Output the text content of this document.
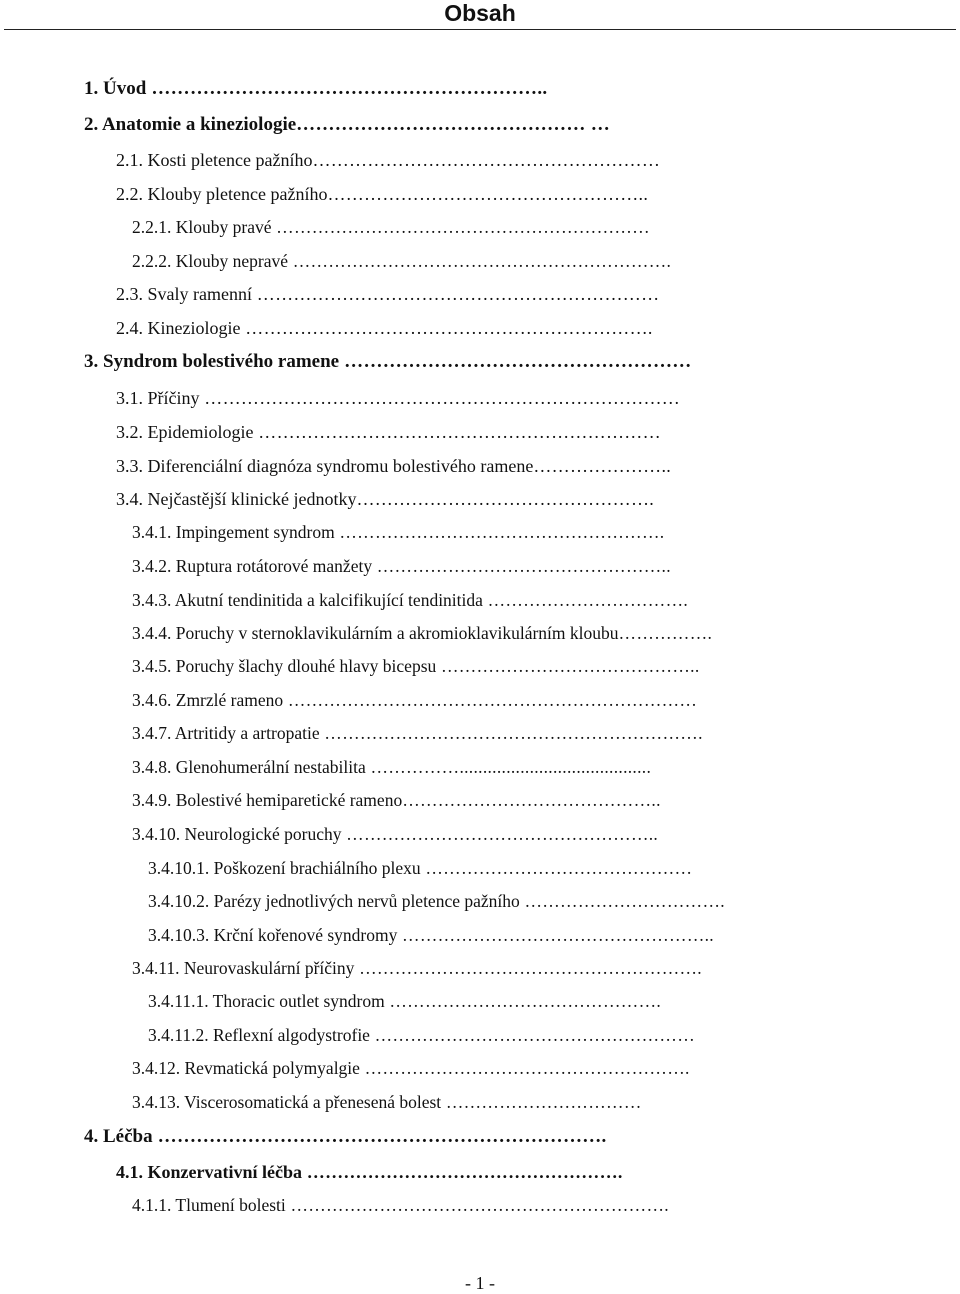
Obsah
1. Úvod ……………………………………………………..
2. Anatomie a kineziologie……………………………………… …
2.1. Kosti pletence pažního…………………………………………………
2.2. Klouby pletence pažního……………………………………………..
2.2.1. Klouby pravé ………………………………………………………
2.2.2. Klouby nepravé ……………………………………………………….
2.3. Svaly ramenní …………………………………………………………
2.4. Kineziologie ………………………………………………………….
3. Syndrom bolestivého ramene ………………………………………………
3.1. Příčiny ……………………………………………………………………
3.2. Epidemiologie …………………………………………………………
3.3. Diferenciální diagnóza syndromu bolestivého ramene…………………..
3.4. Nejčastější klinické jednotky………………………………………….
3.4.1. Impingement syndrom ……………………………………………….
3.4.2. Ruptura rotátorové manžety …………………………………………..
3.4.3. Akutní tendinitida a kalcifikující tendinitida …………………………….
3.4.4. Poruchy v sternoklavikulárním a akromioklavikulárním kloubu…………….
3.4.5. Poruchy šlachy dlouhé hlavy bicepsu ……………………………………..
3.4.6. Zmrzlé rameno ……………………………………………………………
3.4.7. Artritidy a artropatie ……………………………………………………….
3.4.8. Glenohumerální nestabilita …………….........................................
3.4.9. Bolestivé hemiparetické rameno……………………………………..
3.4.10. Neurologické poruchy ……………………………………………..
3.4.10.1. Poškození brachiálního plexu ………………………………………
3.4.10.2. Parézy jednotlivých nervů pletence pažního …………………………….
3.4.10.3. Krční kořenové syndromy ……………………………………………..
3.4.11. Neurovaskulární příčiny ………………………………………………….
3.4.11.1. Thoracic outlet syndrom ……………………………………….
3.4.11.2. Reflexní algodystrofie ………………………………………………
3.4.12. Revmatická polymyalgie ……………………………………………….
3.4.13. Viscerosomatická a přenesená bolest ……………………………
4. Léčba …………………………………………………………….
4.1. Konzervativní léčba …………………………………………….
4.1.1. Tlumení bolesti ……………………………………………………….
- 1 -
